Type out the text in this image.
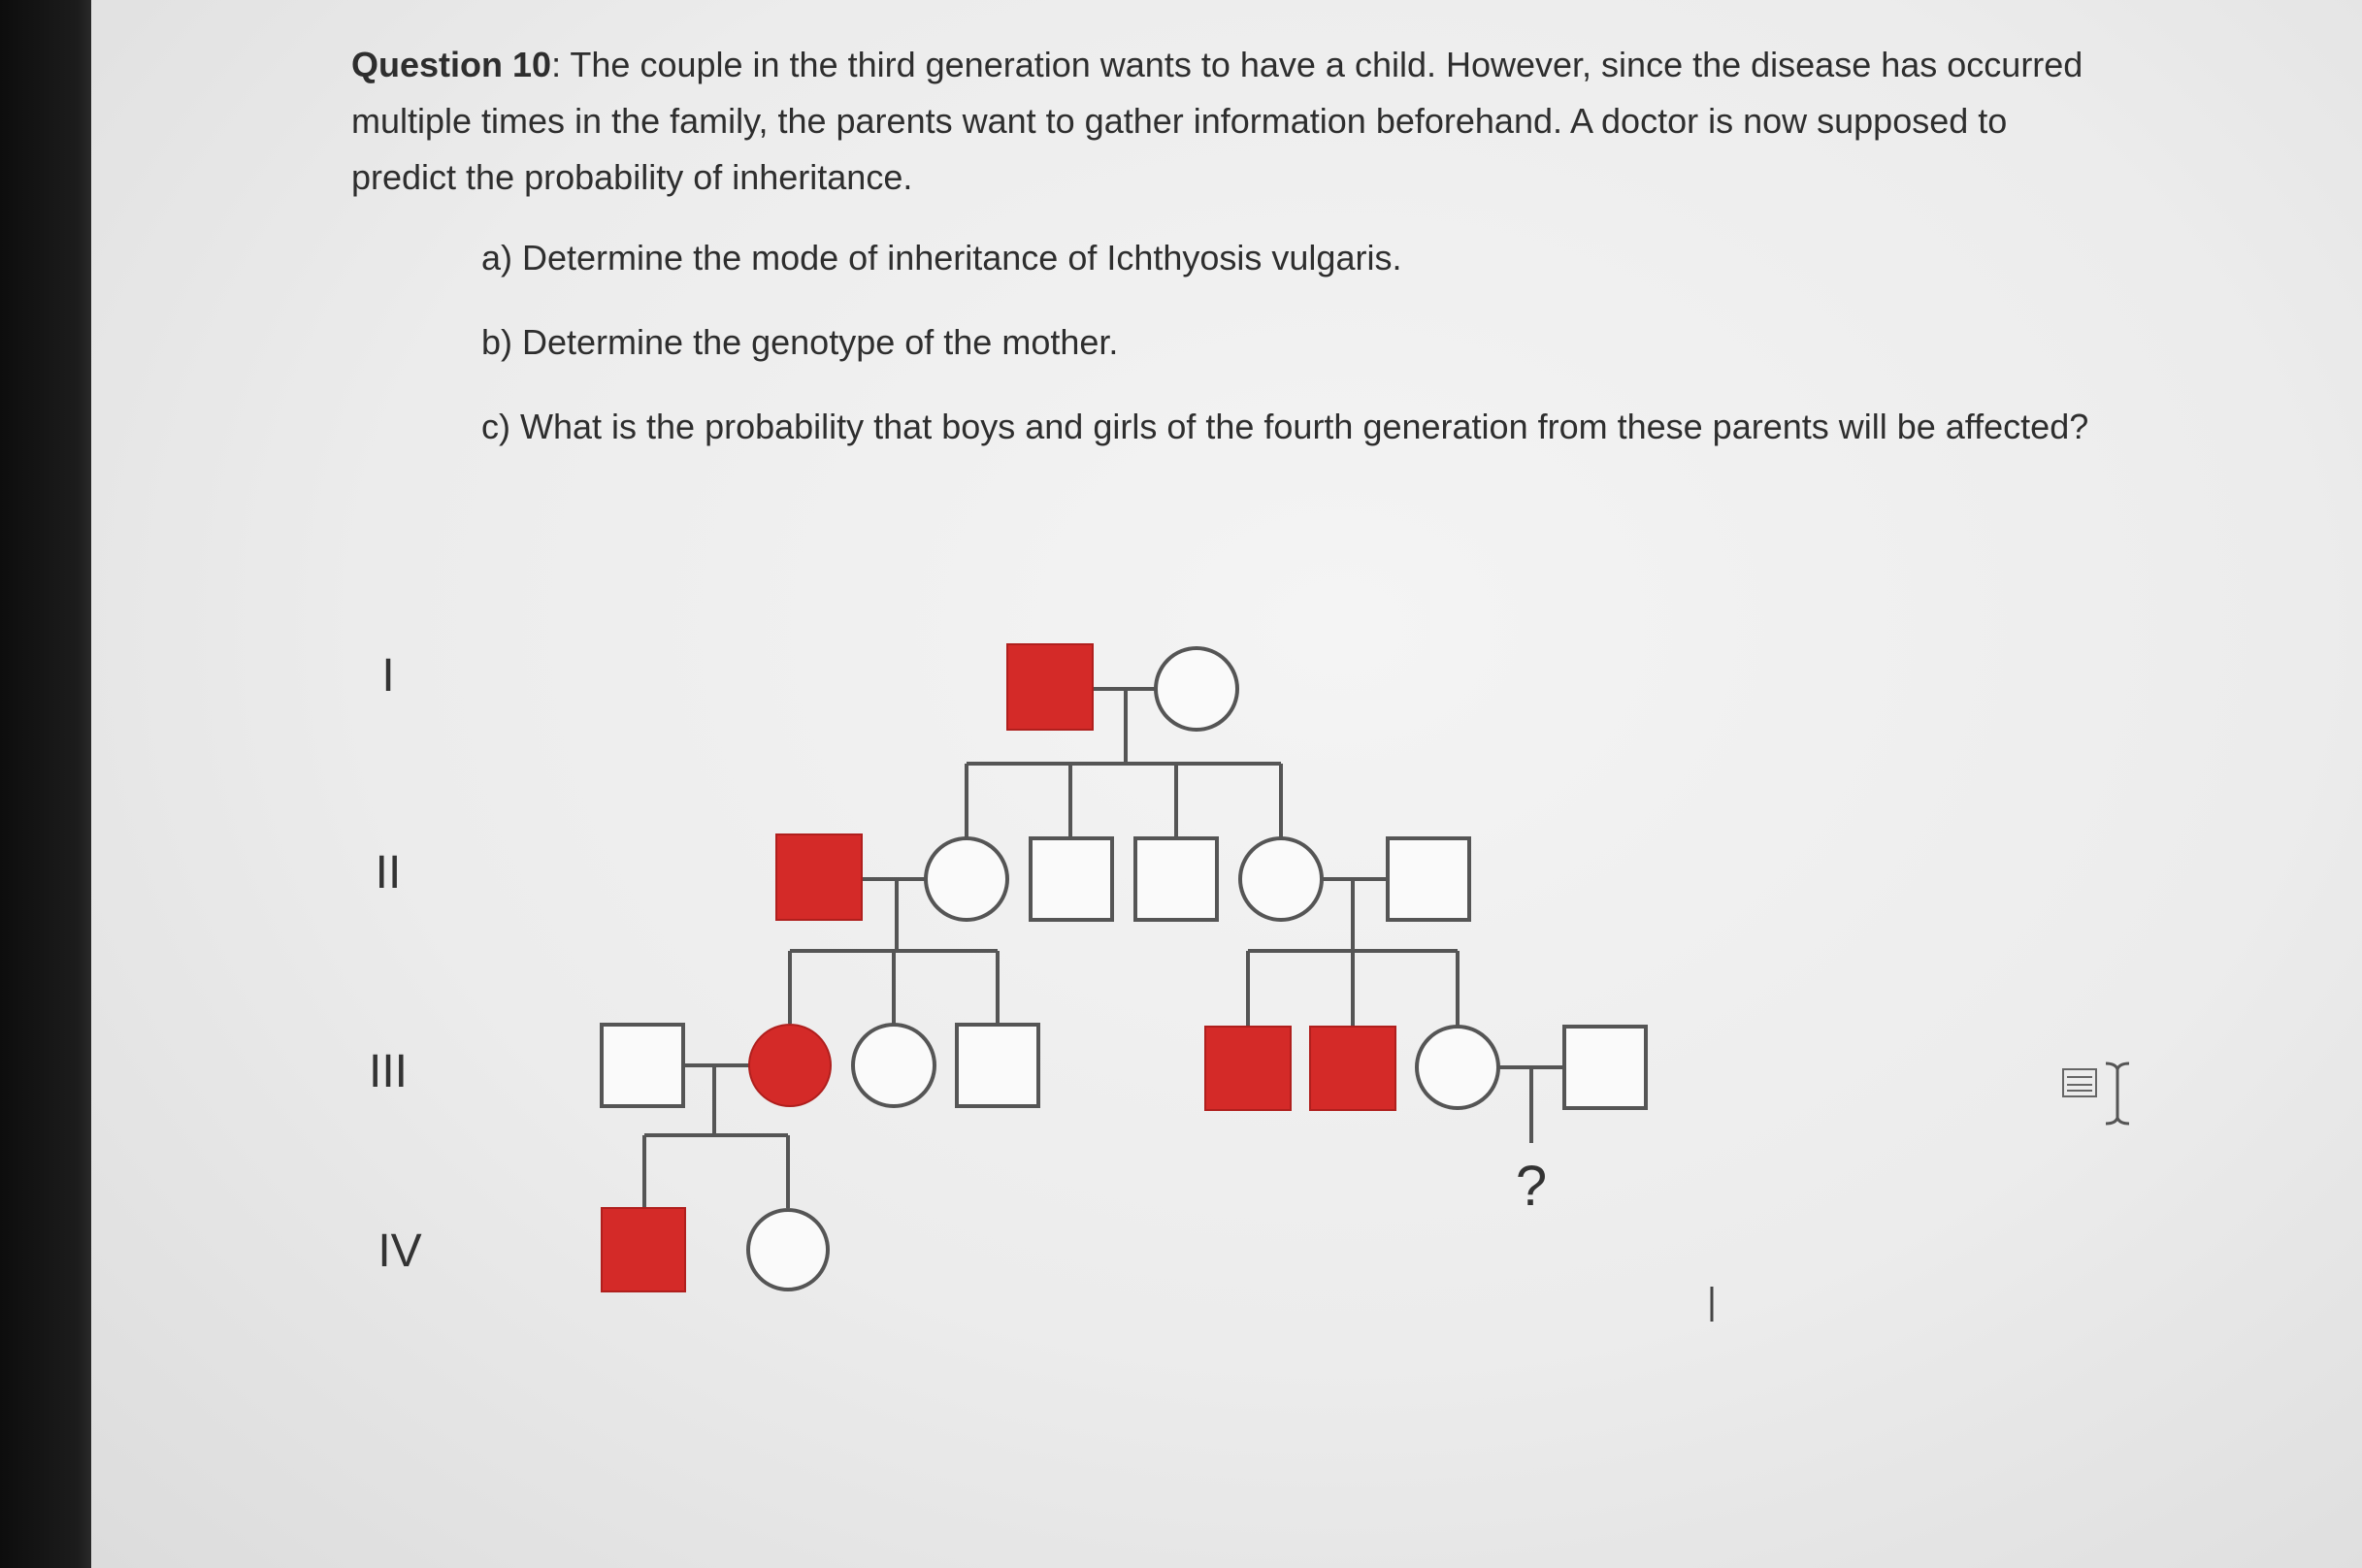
Question 10: The couple in the third generation wants to have a child. However, since the disease has occurred multiple times in the family, the parents want to gather information beforehand. A doctor is now supposed to predict the probability of inheritance.

a) Determine the mode of inheritance of Ichthyosis vulgaris.

b) Determine the genotype of the mother.

c) What is the probability that boys and girls of the fourth generation from these parents will be affected?

I
II
III
IV
?
